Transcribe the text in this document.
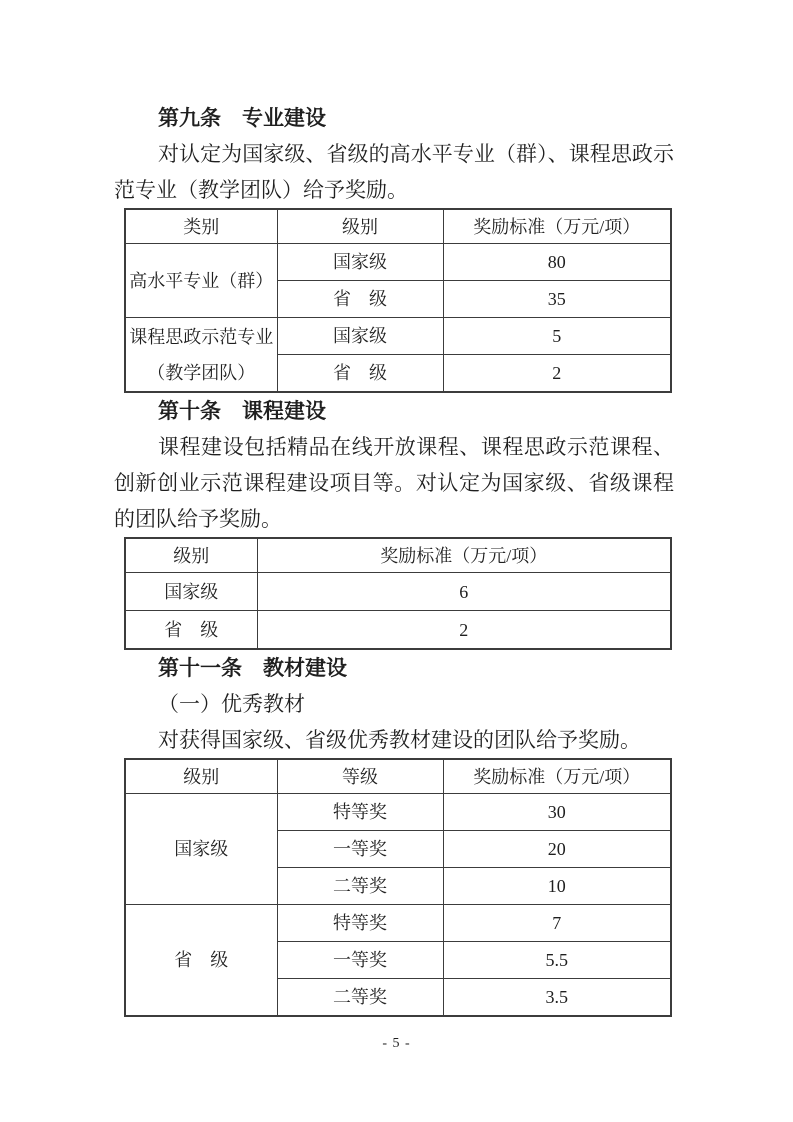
第九条　专业建设

对认定为国家级、省级的高水平专业（群）、课程思政示范专业（教学团队）给予奖励。

类别	级别	奖励标准（万元/项）
高水平专业（群）	国家级	80
	省　级	35
课程思政示范专业（教学团队）	国家级	5
	省　级	2
第十条　课程建设

课程建设包括精品在线开放课程、课程思政示范课程、创新创业示范课程建设项目等。对认定为国家级、省级课程的团队给予奖励。

级别	奖励标准（万元/项）
国家级	6
省　级	2
第十一条　教材建设

（一）优秀教材

对获得国家级、省级优秀教材建设的团队给予奖励。

级别	等级	奖励标准（万元/项）
国家级	特等奖	30
	一等奖	20
	二等奖	10
省　级	特等奖	7
	一等奖	5.5
	二等奖	3.5
- 5 -
